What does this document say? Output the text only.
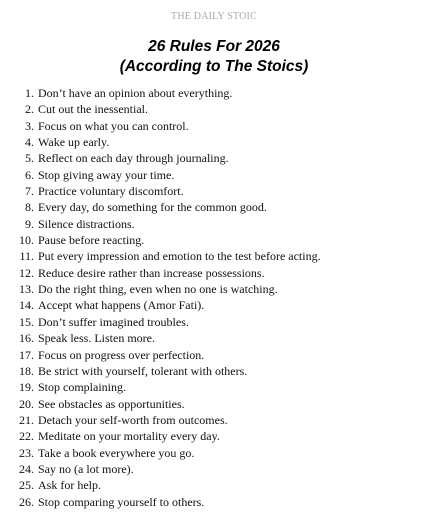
THE DAILY STOIC
26 Rules For 2026
(According to The Stoics)
1. Don’t have an opinion about everything.
2. Cut out the inessential.
3. Focus on what you can control.
4. Wake up early.
5. Reflect on each day through journaling.
6. Stop giving away your time.
7. Practice voluntary discomfort.
8. Every day, do something for the common good.
9. Silence distractions.
10. Pause before reacting.
11. Put every impression and emotion to the test before acting.
12. Reduce desire rather than increase possessions.
13. Do the right thing, even when no one is watching.
14. Accept what happens (Amor Fati).
15. Don’t suffer imagined troubles.
16. Speak less. Listen more.
17. Focus on progress over perfection.
18. Be strict with yourself, tolerant with others.
19. Stop complaining.
20. See obstacles as opportunities.
21. Detach your self-worth from outcomes.
22. Meditate on your mortality every day.
23. Take a book everywhere you go.
24. Say no (a lot more).
25. Ask for help.
26. Stop comparing yourself to others.
